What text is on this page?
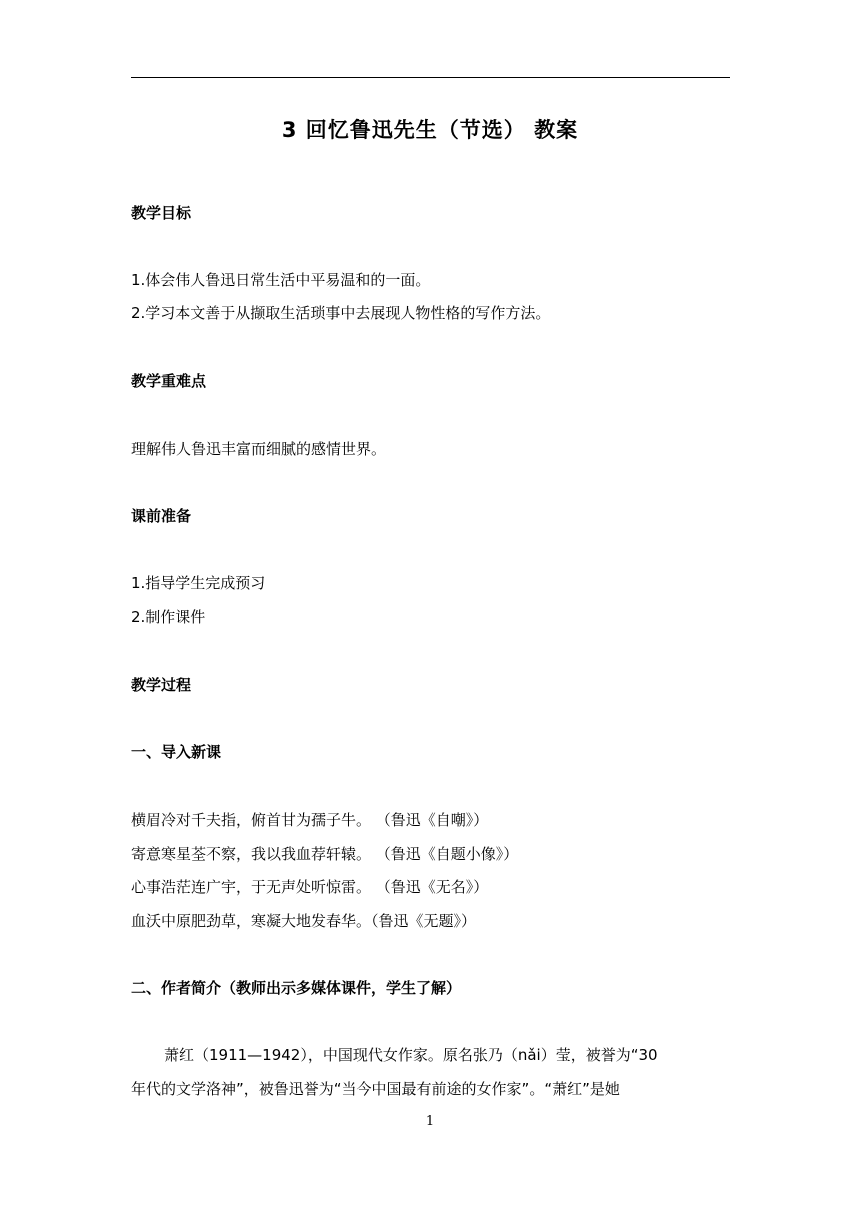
3 回忆鲁迅先生（节选） 教案
教学目标
1.体会伟人鲁迅日常生活中平易温和的一面。
2.学习本文善于从撷取生活琐事中去展现人物性格的写作方法。
教学重难点
理解伟人鲁迅丰富而细腻的感情世界。
课前准备
1.指导学生完成预习
2.制作课件
教学过程
一、导入新课
横眉冷对千夫指，俯首甘为孺子牛。 （鲁迅《自嘲》）
寄意寒星荃不察，我以我血荐轩辕。 （鲁迅《自题小像》）
心事浩茫连广宇，于无声处听惊雷。 （鲁迅《无名》）
血沃中原肥劲草，寒凝大地发春华。（鲁迅《无题》）
二、作者简介（教师出示多媒体课件，学生了解）
萧红（1911—1942），中国现代女作家。原名张乃（nǎi）莹，被誉为“30
年代的文学洛神”，被鲁迅誉为“当今中国最有前途的女作家”。“萧红”是她
1
